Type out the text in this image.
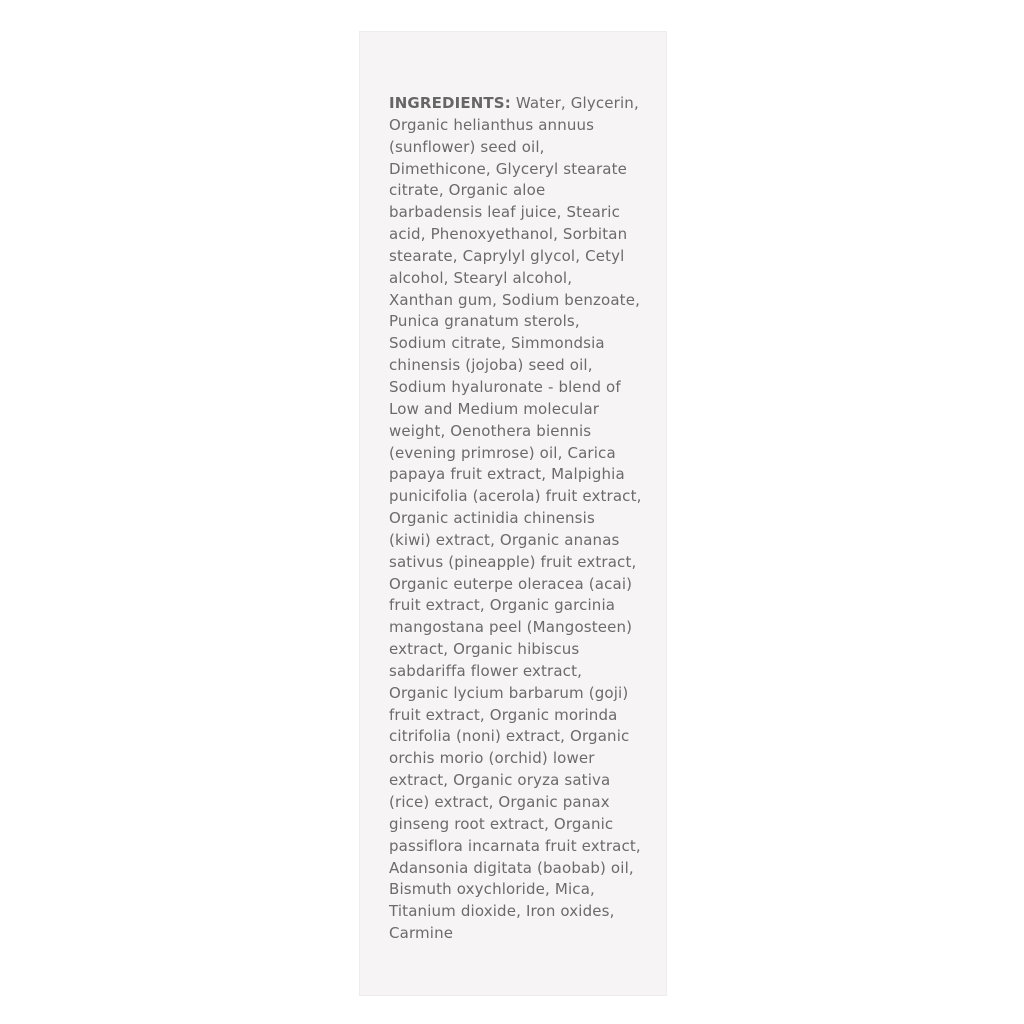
INGREDIENTS: Water, Glycerin,
Organic helianthus annuus
(sunflower) seed oil,
Dimethicone, Glyceryl stearate
citrate, Organic aloe
barbadensis leaf juice, Stearic
acid, Phenoxyethanol, Sorbitan
stearate, Caprylyl glycol, Cetyl
alcohol, Stearyl alcohol,
Xanthan gum, Sodium benzoate,
Punica granatum sterols,
Sodium citrate, Simmondsia
chinensis (jojoba) seed oil,
Sodium hyaluronate - blend of
Low and Medium molecular
weight, Oenothera biennis
(evening primrose) oil, Carica
papaya fruit extract, Malpighia
punicifolia (acerola) fruit extract,
Organic actinidia chinensis
(kiwi) extract, Organic ananas
sativus (pineapple) fruit extract,
Organic euterpe oleracea (acai)
fruit extract, Organic garcinia
mangostana peel (Mangosteen)
extract, Organic hibiscus
sabdariffa flower extract,
Organic lycium barbarum (goji)
fruit extract, Organic morinda
citrifolia (noni) extract, Organic
orchis morio (orchid) lower
extract, Organic oryza sativa
(rice) extract, Organic panax
ginseng root extract, Organic
passiflora incarnata fruit extract,
Adansonia digitata (baobab) oil,
Bismuth oxychloride, Mica,
Titanium dioxide, Iron oxides,
Carmine
